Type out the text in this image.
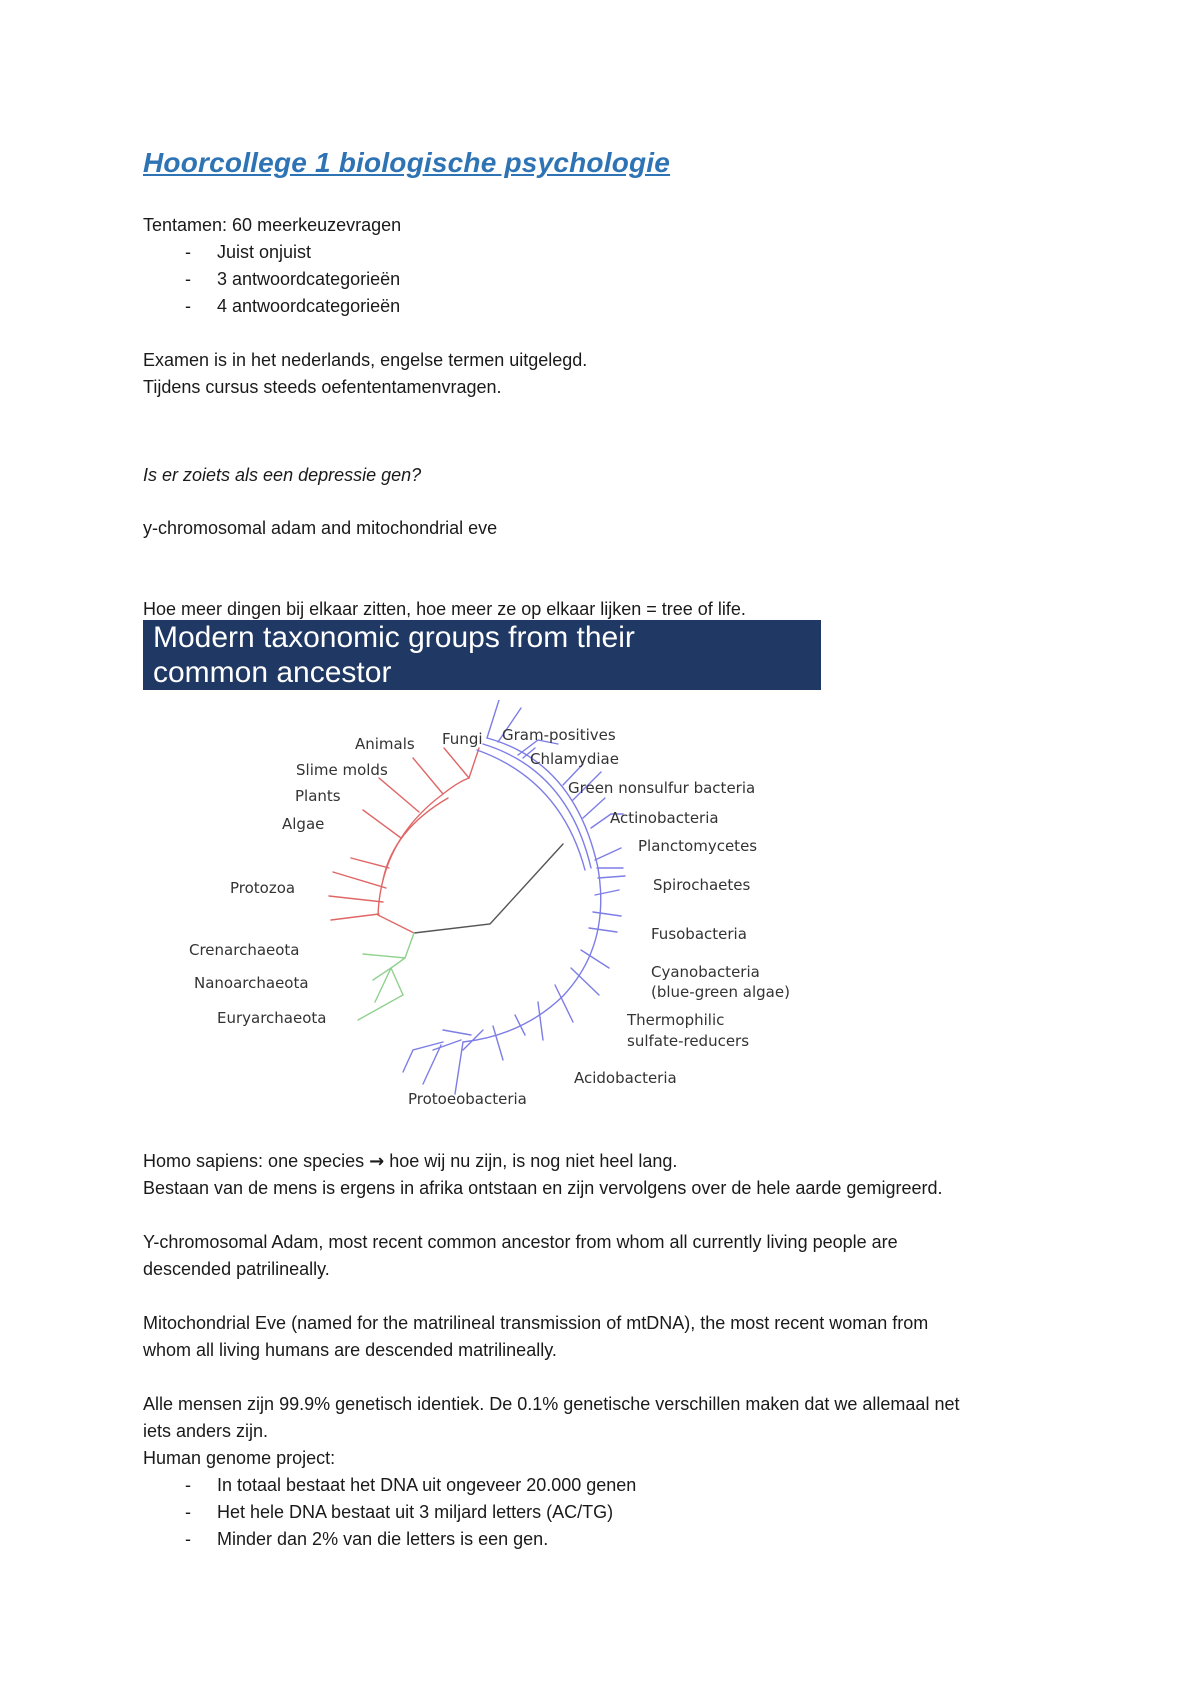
Hoorcollege 1 biologische psychologie
Tentamen: 60 meerkeuzevragen
- Juist onjuist
- 3 antwoordcategorieën
- 4 antwoordcategorieën
Examen is in het nederlands, engelse termen uitgelegd.
Tijdens cursus steeds oefententamenvragen.
Is er zoiets als een depressie gen?
y-chromosomal adam and mitochondrial eve
Hoe meer dingen bij elkaar zitten, hoe meer ze op elkaar lijken = tree of life.
Modern taxonomic groups from their
common ancestor
Animals Fungi
Slime molds
Plants
Algae
Protozoa
Crenarchaeota
Nanoarchaeota
Euryarchaeota
Gram-positives
Chlamydiae
Green nonsulfur bacteria
Actinobacteria
Planctomycetes
Spirochaetes
Fusobacteria
Cyanobacteria
(blue-green algae)
Thermophilic
sulfate-reducers
Acidobacteria
Protoeobacteria
Homo sapiens: one species → hoe wij nu zijn, is nog niet heel lang.
Bestaan van de mens is ergens in afrika ontstaan en zijn vervolgens over de hele aarde gemigreerd.
Y-chromosomal Adam, most recent common ancestor from whom all currently living people are
descended patrilineally.
Mitochondrial Eve (named for the matrilineal transmission of mtDNA), the most recent woman from
whom all living humans are descended matrilineally.
Alle mensen zijn 99.9% genetisch identiek. De 0.1% genetische verschillen maken dat we allemaal net
iets anders zijn.
Human genome project:
- In totaal bestaat het DNA uit ongeveer 20.000 genen
- Het hele DNA bestaat uit 3 miljard letters (AC/TG)
- Minder dan 2% van die letters is een gen.
